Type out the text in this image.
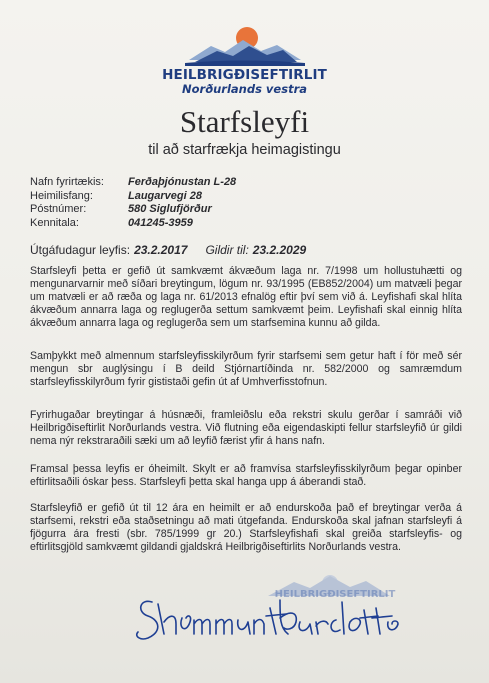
HEILBRIGÐISEFTIRLIT
Norðurlands vestra
Starfsleyfi
til að starfrækja heimagistingu
Nafn fyrirtækis: Ferðaþjónustan L-28
Heimilisfang:	Laugarvegi 28
Póstnúmer:	580 Siglufjörður
Kennitala:	041245-3959
Útgáfudagur leyfis: 23.2.2017 Gildir til: 23.2.2029
Starfsleyfi þetta er gefið út samkvæmt ákvæðum laga nr. 7/1998 um hollustuhætti og mengunarvarnir með síðari breytingum, lögum nr. 93/1995 (EB852/2004) um matvæli þegar um matvæli er að ræða og laga nr. 61/2013 efnalög eftir því sem við á. Leyfishafi skal hlíta ákvæðum annarra laga og reglugerða settum samkvæmt þeim. Leyfishafi skal einnig hlíta ákvæðum annarra laga og reglugerða sem um starfsemina kunnu að gilda.
Samþykkt með almennum starfsleyfisskilyrðum fyrir starfsemi sem getur haft í för með sér mengun sbr auglýsingu í B deild Stjórnartíðinda nr. 582/2000 og samræmdum starfsleyfisskilyrðum fyrir gististaði gefin út af Umhverfisstofnun.
Fyrirhugaðar breytingar á húsnæði, framleiðslu eða rekstri skulu gerðar í samráði við Heilbrigðiseftirlit Norðurlands vestra. Við flutning eða eigendaskipti fellur starfsleyfið úr gildi nema nýr rekstraraðili sæki um að leyfið færist yfir á hans nafn.
Framsal þessa leyfis er óheimilt. Skylt er að framvísa starfsleyfisskilyrðum þegar opinber eftirlitsaðili óskar þess. Starfsleyfi þetta skal hanga upp á áberandi stað.
Starfsleyfið er gefið út til 12 ára en heimilt er að endurskoða það ef breytingar verða á starfsemi, rekstri eða staðsetningu að mati útgefanda. Endurskoða skal jafnan starfsleyfi á fjögurra ára fresti (sbr. 785/1999 gr 20.) Starfsleyfishafi skal greiða starfsleyfis- og eftirlitsgjöld samkvæmt gildandi gjaldskrá Heilbrigðiseftirlits Norðurlands vestra.
HEILBRIGÐISEFTIRLIT
